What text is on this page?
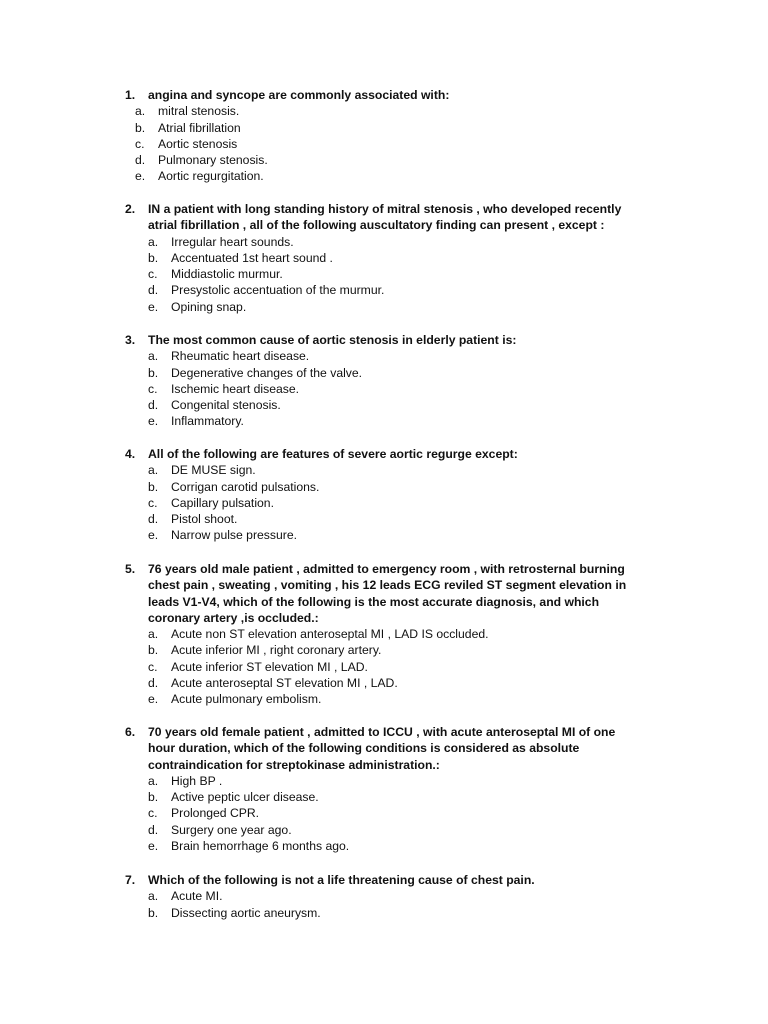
1. angina and syncope are commonly associated with:
a. mitral stenosis.
b. Atrial fibrillation
c. Aortic stenosis
d. Pulmonary stenosis.
e. Aortic regurgitation.
2. IN a patient with long standing history of mitral stenosis , who developed recently atrial fibrillation , all of the following auscultatory finding can present , except :
a. Irregular heart sounds.
b. Accentuated 1st heart sound .
c. Middiastolic murmur.
d. Presystolic accentuation of the murmur.
e. Opining snap.
3. The most common cause of aortic stenosis in elderly patient is:
a. Rheumatic heart disease.
b. Degenerative changes of the valve.
c. Ischemic heart disease.
d. Congenital stenosis.
e. Inflammatory.
4. All of the following are features of severe aortic regurge except:
a. DE MUSE sign.
b. Corrigan carotid pulsations.
c. Capillary pulsation.
d. Pistol shoot.
e. Narrow pulse pressure.
5. 76 years old male patient , admitted to emergency room , with retrosternal burning chest pain , sweating , vomiting , his 12 leads ECG reviled ST segment elevation in leads V1-V4, which of the following is the most accurate diagnosis, and which coronary artery ,is occluded.:
a. Acute non ST elevation anteroseptal MI , LAD IS occluded.
b. Acute inferior MI , right coronary artery.
c. Acute inferior ST elevation MI , LAD.
d. Acute anteroseptal ST elevation MI , LAD.
e. Acute pulmonary embolism.
6. 70 years old female patient , admitted to ICCU , with acute anteroseptal MI of one hour duration, which of the following conditions is considered as absolute contraindication for streptokinase administration.:
a. High BP .
b. Active peptic ulcer disease.
c. Prolonged CPR.
d. Surgery one year ago.
e. Brain hemorrhage 6 months ago.
7. Which of the following is not a life threatening cause of chest pain.
a. Acute MI.
b. Dissecting aortic aneurysm.
